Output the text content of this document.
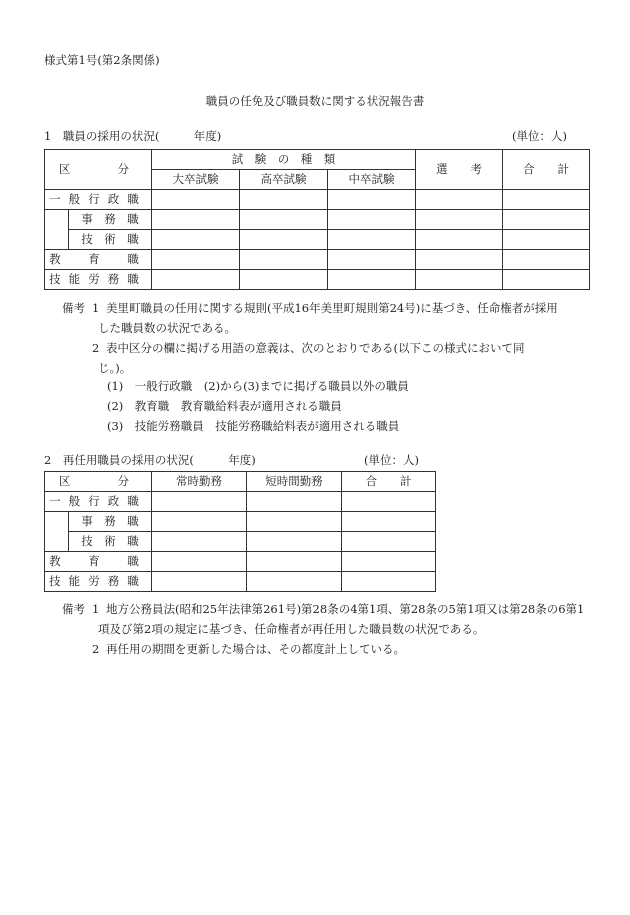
様式第1号(第2条関係)
職員の任免及び職員数に関する状況報告書
1　職員の採用の状況(　　　年度)	(単位：人)
区　　分		試　験　の　種　類			選　　考	合　　計
		大卒試験	高卒試験	中卒試験		
一般行政職						
	事　務　職					
	技　術　職					
教　育　職						
技能労務職						
備考 1 美里町職員の任用に関する規則(平成16年美里町規則第24号)に基づき、任命権者が採用
した職員数の状況である。
2 表中区分の欄に掲げる用語の意義は、次のとおりである(以下この様式において同
じ。)。
(1)　一般行政職　(2)から(3)までに掲げる職員以外の職員
(2)　教育職　教育職給料表が適用される職員
(3)　技能労務職員　技能労務職給料表が適用される職員
2　再任用職員の採用の状況(　　　年度)	(単位：人)
区　　分		常時勤務	短時間勤務	合　　計
一般行政職				
	事　務　職			
	技　術　職			
教　育　職				
技能労務職				
備考 1 地方公務員法(昭和25年法律第261号)第28条の4第1項、第28条の5第1項又は第28条の6第1
項及び第2項の規定に基づき、任命権者が再任用した職員数の状況である。
2 再任用の期間を更新した場合は、その都度計上している。
